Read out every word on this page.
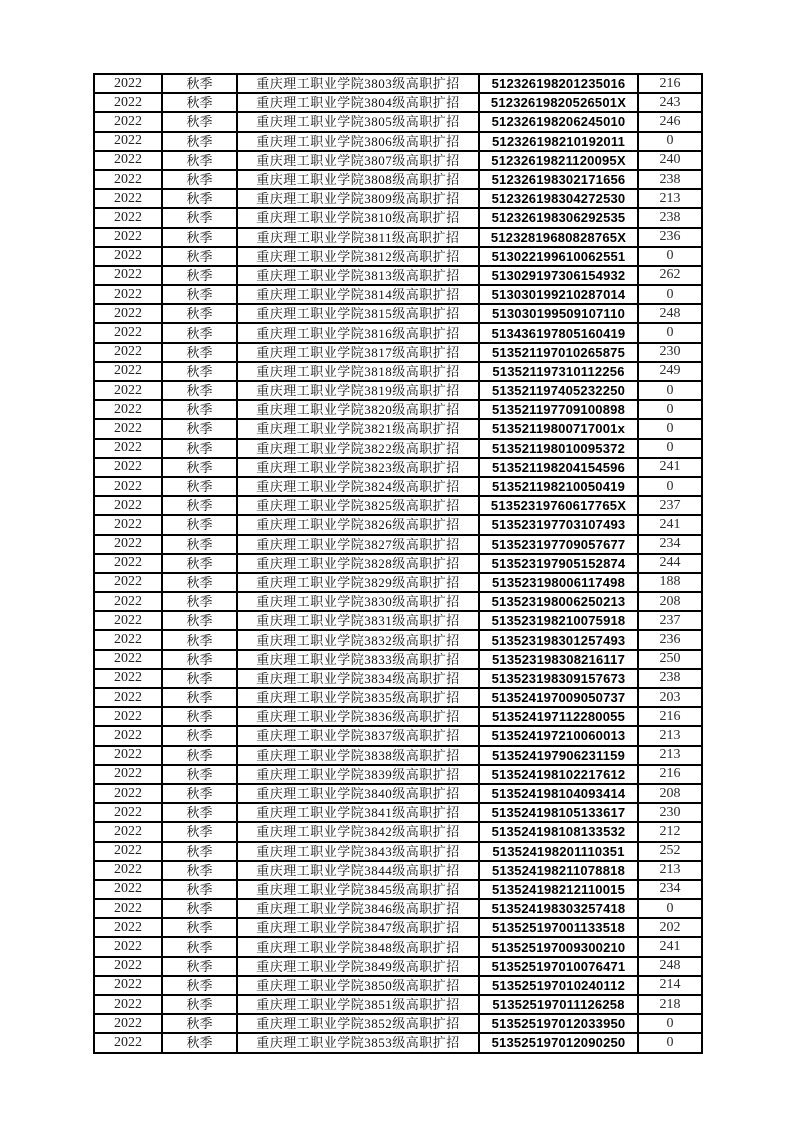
2022	秋季	重庆理工职业学院3803级高职扩招	512326198201235016	216
2022	秋季	重庆理工职业学院3804级高职扩招	51232619820526501X	243
2022	秋季	重庆理工职业学院3805级高职扩招	512326198206245010	246
2022	秋季	重庆理工职业学院3806级高职扩招	512326198210192011	0
2022	秋季	重庆理工职业学院3807级高职扩招	51232619821120095X	240
2022	秋季	重庆理工职业学院3808级高职扩招	512326198302171656	238
2022	秋季	重庆理工职业学院3809级高职扩招	512326198304272530	213
2022	秋季	重庆理工职业学院3810级高职扩招	512326198306292535	238
2022	秋季	重庆理工职业学院3811级高职扩招	51232819680828765X	236
2022	秋季	重庆理工职业学院3812级高职扩招	513022199610062551	0
2022	秋季	重庆理工职业学院3813级高职扩招	513029197306154932	262
2022	秋季	重庆理工职业学院3814级高职扩招	513030199210287014	0
2022	秋季	重庆理工职业学院3815级高职扩招	513030199509107110	248
2022	秋季	重庆理工职业学院3816级高职扩招	513436197805160419	0
2022	秋季	重庆理工职业学院3817级高职扩招	513521197010265875	230
2022	秋季	重庆理工职业学院3818级高职扩招	513521197310112256	249
2022	秋季	重庆理工职业学院3819级高职扩招	513521197405232250	0
2022	秋季	重庆理工职业学院3820级高职扩招	513521197709100898	0
2022	秋季	重庆理工职业学院3821级高职扩招	51352119800717001x	0
2022	秋季	重庆理工职业学院3822级高职扩招	513521198010095372	0
2022	秋季	重庆理工职业学院3823级高职扩招	513521198204154596	241
2022	秋季	重庆理工职业学院3824级高职扩招	513521198210050419	0
2022	秋季	重庆理工职业学院3825级高职扩招	51352319760617765X	237
2022	秋季	重庆理工职业学院3826级高职扩招	513523197703107493	241
2022	秋季	重庆理工职业学院3827级高职扩招	513523197709057677	234
2022	秋季	重庆理工职业学院3828级高职扩招	513523197905152874	244
2022	秋季	重庆理工职业学院3829级高职扩招	513523198006117498	188
2022	秋季	重庆理工职业学院3830级高职扩招	513523198006250213	208
2022	秋季	重庆理工职业学院3831级高职扩招	513523198210075918	237
2022	秋季	重庆理工职业学院3832级高职扩招	513523198301257493	236
2022	秋季	重庆理工职业学院3833级高职扩招	513523198308216117	250
2022	秋季	重庆理工职业学院3834级高职扩招	513523198309157673	238
2022	秋季	重庆理工职业学院3835级高职扩招	513524197009050737	203
2022	秋季	重庆理工职业学院3836级高职扩招	513524197112280055	216
2022	秋季	重庆理工职业学院3837级高职扩招	513524197210060013	213
2022	秋季	重庆理工职业学院3838级高职扩招	513524197906231159	213
2022	秋季	重庆理工职业学院3839级高职扩招	513524198102217612	216
2022	秋季	重庆理工职业学院3840级高职扩招	513524198104093414	208
2022	秋季	重庆理工职业学院3841级高职扩招	513524198105133617	230
2022	秋季	重庆理工职业学院3842级高职扩招	513524198108133532	212
2022	秋季	重庆理工职业学院3843级高职扩招	513524198201110351	252
2022	秋季	重庆理工职业学院3844级高职扩招	513524198211078818	213
2022	秋季	重庆理工职业学院3845级高职扩招	513524198212110015	234
2022	秋季	重庆理工职业学院3846级高职扩招	513524198303257418	0
2022	秋季	重庆理工职业学院3847级高职扩招	513525197001133518	202
2022	秋季	重庆理工职业学院3848级高职扩招	513525197009300210	241
2022	秋季	重庆理工职业学院3849级高职扩招	513525197010076471	248
2022	秋季	重庆理工职业学院3850级高职扩招	513525197010240112	214
2022	秋季	重庆理工职业学院3851级高职扩招	513525197011126258	218
2022	秋季	重庆理工职业学院3852级高职扩招	513525197012033950	0
2022	秋季	重庆理工职业学院3853级高职扩招	513525197012090250	0
